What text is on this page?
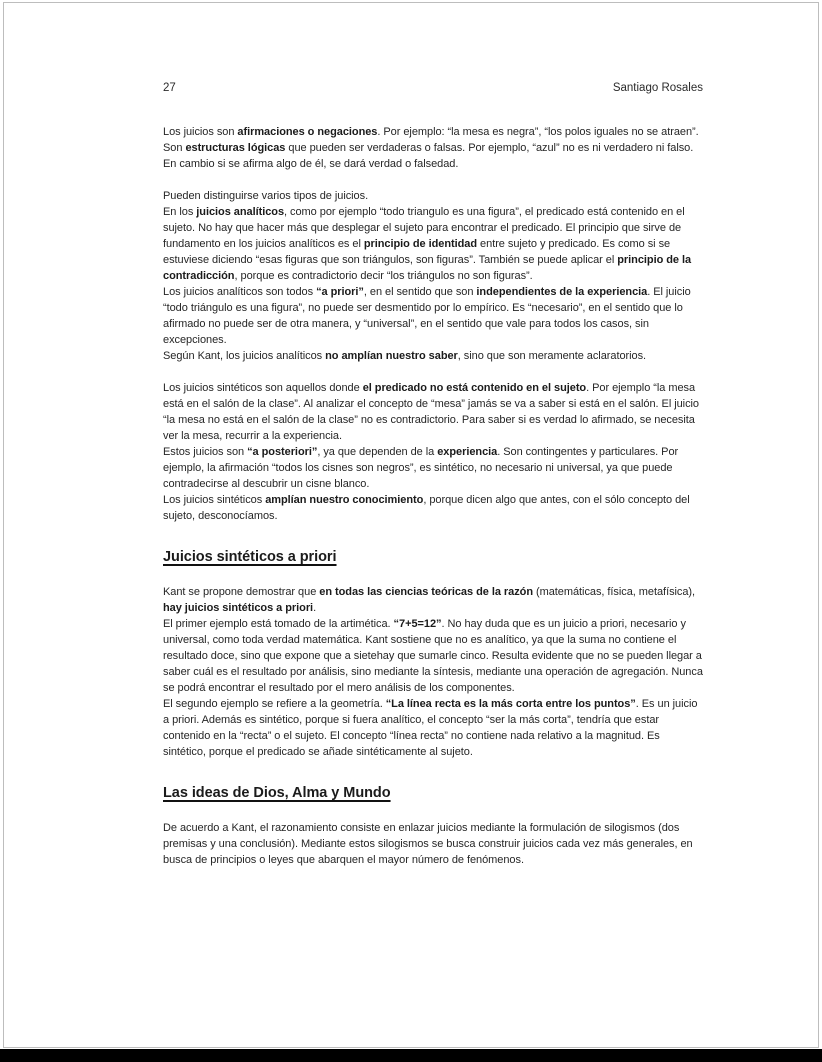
27	Santiago Rosales

Los juicios son afirmaciones o negaciones. Por ejemplo: “la mesa es negra”, “los polos iguales no se atraen”. Son estructuras lógicas que pueden ser verdaderas o falsas. Por ejemplo, “azul” no es ni verdadero ni falso. En cambio si se afirma algo de él, se dará verdad o falsedad.

Pueden distinguirse varios tipos de juicios.

En los juicios analíticos, como por ejemplo “todo triangulo es una figura”, el predicado está contenido en el sujeto. No hay que hacer más que desplegar el sujeto para encontrar el predicado. El principio que sirve de fundamento en los juicios analíticos es el principio de identidad entre sujeto y predicado. Es como si se estuviese diciendo “esas figuras que son triángulos, son figuras”. También se puede aplicar el principio de la contradicción, porque es contradictorio decir “los triángulos no son figuras”.

Los juicios analíticos son todos “a priori”, en el sentido que son independientes de la experiencia. El juicio “todo triángulo es una figura”, no puede ser desmentido por lo empírico. Es “necesario”, en el sentido que lo afirmado no puede ser de otra manera, y “universal”, en el sentido que vale para todos los casos, sin excepciones.

Según Kant, los juicios analíticos no amplían nuestro saber, sino que son meramente aclaratorios.

Los juicios sintéticos son aquellos donde el predicado no está contenido en el sujeto. Por ejemplo “la mesa está en el salón de la clase”. Al analizar el concepto de “mesa” jamás se va a saber si está en el salón. El juicio “la mesa no está en el salón de la clase” no es contradictorio. Para saber si es verdad lo afirmado, se necesita ver la mesa, recurrir a la experiencia.

Estos juicios son “a posteriori”, ya que dependen de la experiencia. Son contingentes y particulares. Por ejemplo, la afirmación “todos los cisnes son negros”, es sintético, no necesario ni universal, ya que puede contradecirse al descubrir un cisne blanco.

Los juicios sintéticos amplían nuestro conocimiento, porque dicen algo que antes, con el sólo concepto del sujeto, desconocíamos.

Juicios sintéticos a priori

Kant se propone demostrar que en todas las ciencias teóricas de la razón (matemáticas, física, metafísica), hay juicios sintéticos a priori.

El primer ejemplo está tomado de la artimética. “7+5=12”. No hay duda que es un juicio a priori, necesario y universal, como toda verdad matemática. Kant sostiene que no es analítico, ya que la suma no contiene el resultado doce, sino que expone que a sietehay que sumarle cinco. Resulta evidente que no se pueden llegar a saber cuál es el resultado por análisis, sino mediante la síntesis, mediante una operación de agregación. Nunca se podrá encontrar el resultado por el mero análisis de los componentes.

El segundo ejemplo se refiere a la geometría. “La línea recta es la más corta entre los puntos”. Es un juicio a priori. Además es sintético, porque si fuera analítico, el concepto “ser la más corta”, tendría que estar contenido en la “recta” o el sujeto. El concepto “línea recta” no contiene nada relativo a la magnitud. Es sintético, porque el predicado se añade sintéticamente al sujeto.

Las ideas de Dios, Alma y Mundo

De acuerdo a Kant, el razonamiento consiste en enlazar juicios mediante la formulación de silogismos (dos premisas y una conclusión). Mediante estos silogismos se busca construir juicios cada vez más generales, en busca de principios o leyes que abarquen el mayor número de fenómenos.
